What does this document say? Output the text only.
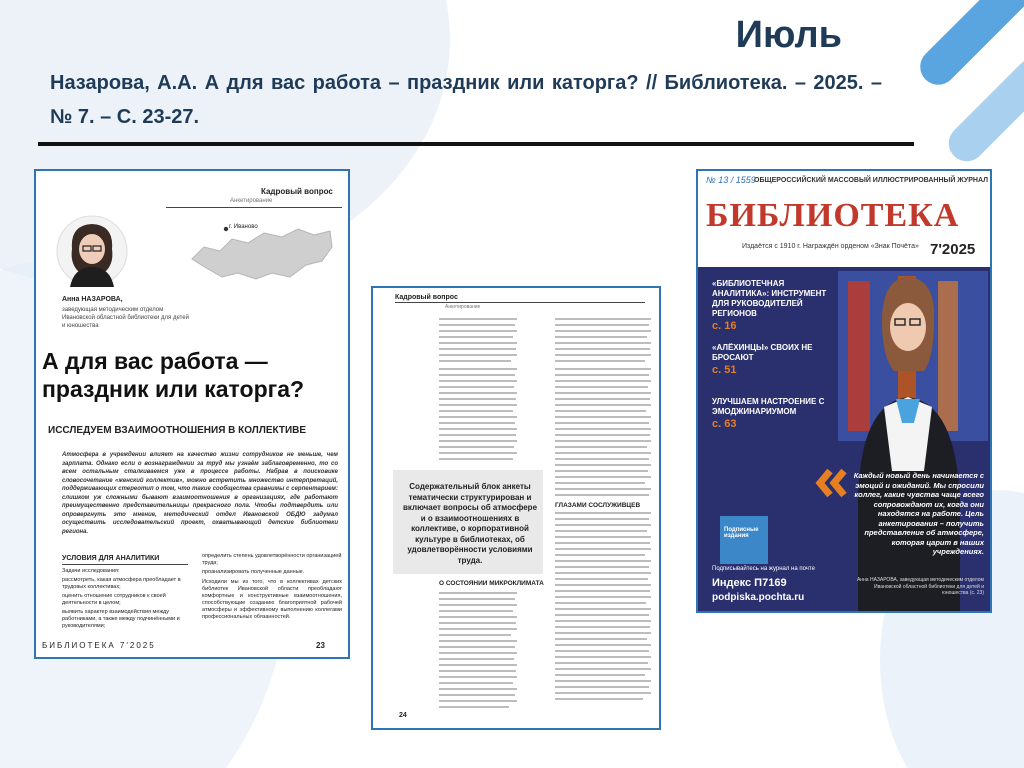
Июль
Назарова, А.А. А для вас работа – праздник или каторга? // Библиотека. – 2025. – № 7. – С. 23-27.
Кадровый вопрос
Анкетирование
г. Иваново
Анна НАЗАРОВА,
заведующая методическим отделом Ивановской областной библиотеки для детей и юношества
А для вас работа — праздник или каторга?
ИССЛЕДУЕМ ВЗАИМООТНОШЕНИЯ В КОЛЛЕКТИВЕ
Атмосфера в учреждении влияет на качество жизни сотрудников не меньше, чем зарплата. Однако если о вознаграждении за труд мы узнаём заблаговременно, то со всем остальным сталкиваемся уже в процессе работы. Набрав в поисковике словосочетание «женский коллектив», можно встретить множество интерпретаций, поддерживающих стереотип о том, что такие сообщества сравнимы с серпентарием: слишком уж сложными бывают взаимоотношения в организациях, где работают преимущественно представительницы прекрасного пола. Чтобы подтвердить или опровергнуть это мнение, методический отдел Ивановской ОБДЮ задумал осуществить исследовательский проект, охватывающий детские библиотеки региона.
УСЛОВИЯ ДЛЯ АНАЛИТИКИ
Задачи исследования:
рассмотреть, какая атмосфера преобладает в трудовых коллективах;
оценить отношение сотрудников к своей деятельности в целом;
выявить характер взаимодействия между работниками, а также между подчинёнными и руководителями;
определить степень удовлетворённости организацией труда;
проанализировать полученные данные.
Исходили мы из того, что в коллективах детских библиотек Ивановской области преобладают комфортные и конструктивные взаимоотношения, способствующие созданию благоприятной рабочей атмосферы и эффективному выполнению коллегами профессиональных обязанностей.
БИБЛИОТЕКА 7'2025	23
Кадровый вопрос
Анкетирование
Содержательный блок анкеты тематически структурирован и включает вопросы об атмосфере и о взаимоотношениях в коллективе, о корпоративной культуре в библиотеках, об удовлетворённости условиями труда.
О СОСТОЯНИИ МИКРОКЛИМАТА
ГЛАЗАМИ СОСЛУЖИВЦЕВ
24
№ 13 / 1559
ОБЩЕРОССИЙСКИЙ МАССОВЫЙ ИЛЛЮСТРИРОВАННЫЙ ЖУРНАЛ
БИБЛИОТЕКА
Издаётся с 1910 г. Награждён орденом «Знак Почёта» 7'2025
«БИБЛИОТЕЧНАЯ АНАЛИТИКА»: ИНСТРУМЕНТ ДЛЯ РУКОВОДИТЕЛЕЙ РЕГИОНОВ
с. 16
«АЛЁХИНЦЫ» СВОИХ НЕ БРОСАЮТ
с. 51
УЛУЧШАЕМ НАСТРОЕНИЕ С ЭМОДЖИНАРИУМОМ
с. 63
Каждый новый день начинается с эмоций и ожиданий. Мы спросили коллег, какие чувства чаще всего сопровождают их, когда они находятся на работе. Цель анкетирования – получить представление об атмосфере, которая царит в наших учреждениях.
Анна НАЗАРОВА, заведующая методическим отделом Ивановской областной библиотеки для детей и юношества (с. 23)
Подписные издания
Подписывайтесь на журнал на почте
Индекс П7169
podpiska.pochta.ru
